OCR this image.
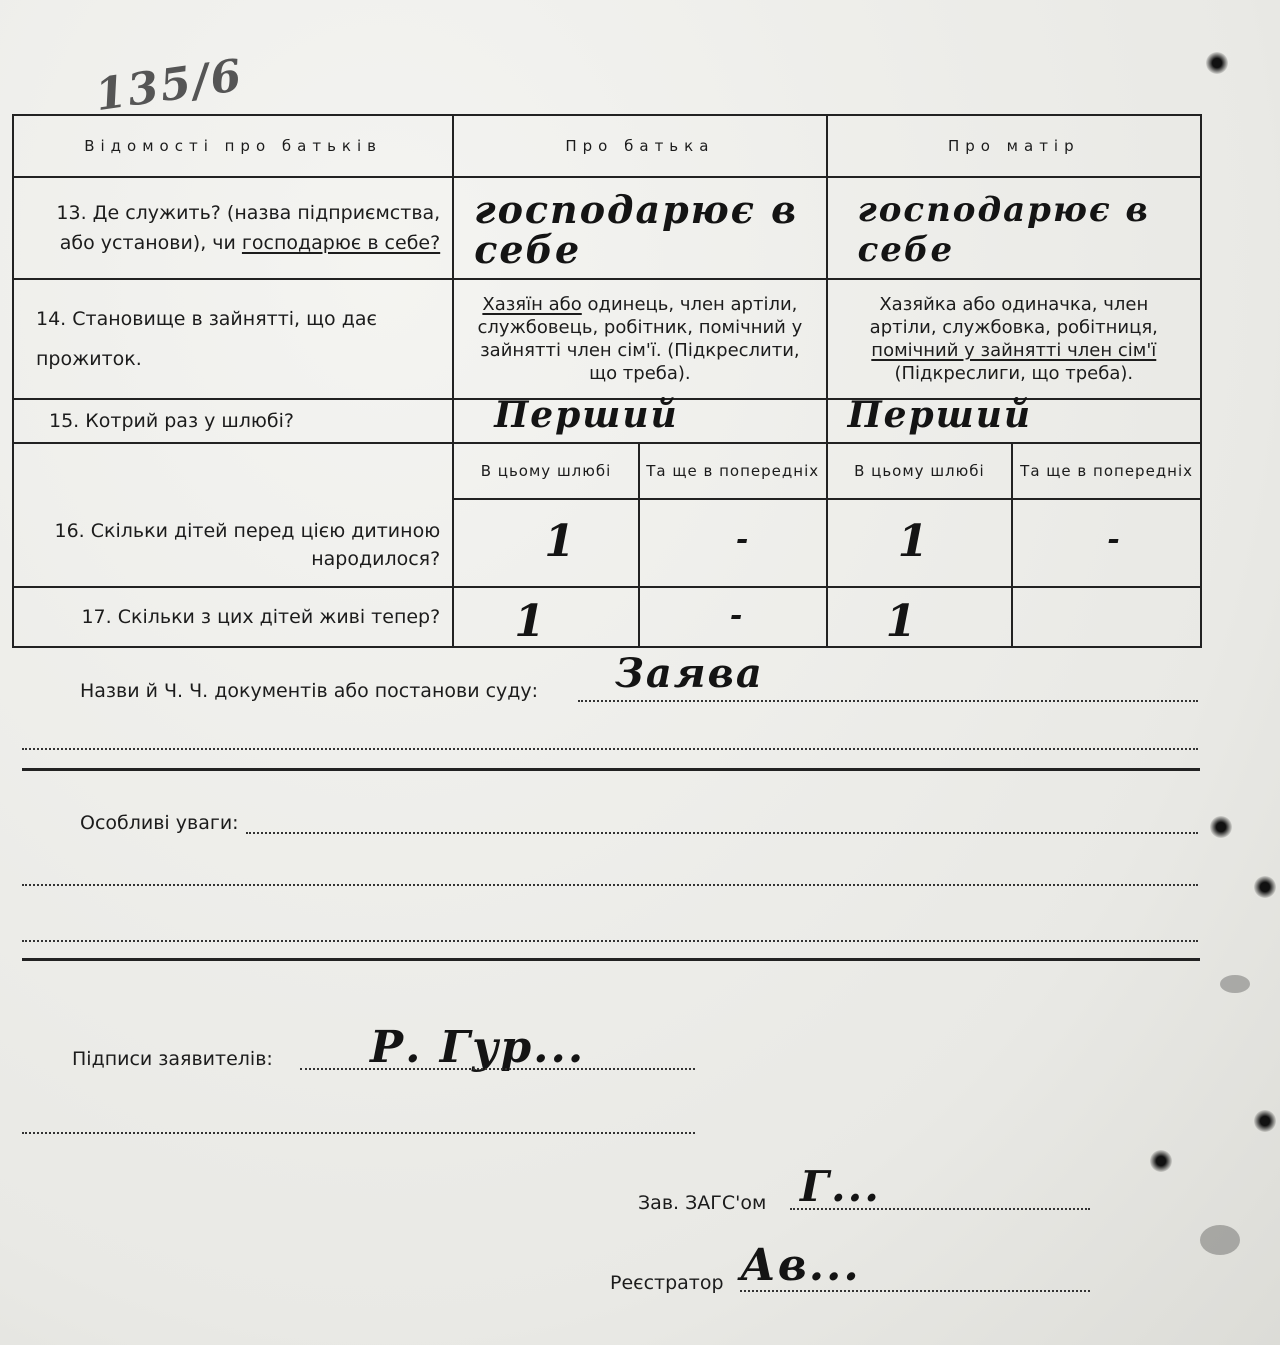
135/6
Відомості про батьків	Про батька		Про матір	
13. Де служить? (назва підприємства, або установи), чи господарює в себе?	господарює в себе		господарює в себе	

14. Становище в зайнятті, що дає прожиток.	Хазяїн або одинець, член артіли, службовець, робітник, помічний у зайнятті член сім'ї. (Підкреслити, що треба).		Хазяйка або одиначка, член артіли, службовка, робітниця, помічний у зайнятті член сім'ї (Підкреслиги, що треба).	
15. Котрий раз у шлюбі?	Перший		Перший	

16. Скільки дітей перед цією дитиною народилося?	В цьому шлюбі	Та ще в попередніх	В цьому шлюбі	Та ще в попередніх

	1	-	1	-

17. Скільки з цих дітей живі тепер?	1	-	1	

Назви й Ч. Ч. документів або постанови суду: Заява
Особливі уваги:
Підписи заявителів: Р. Гур...
Зав. ЗАГС'ом Г...
Реєстратор Ав...
